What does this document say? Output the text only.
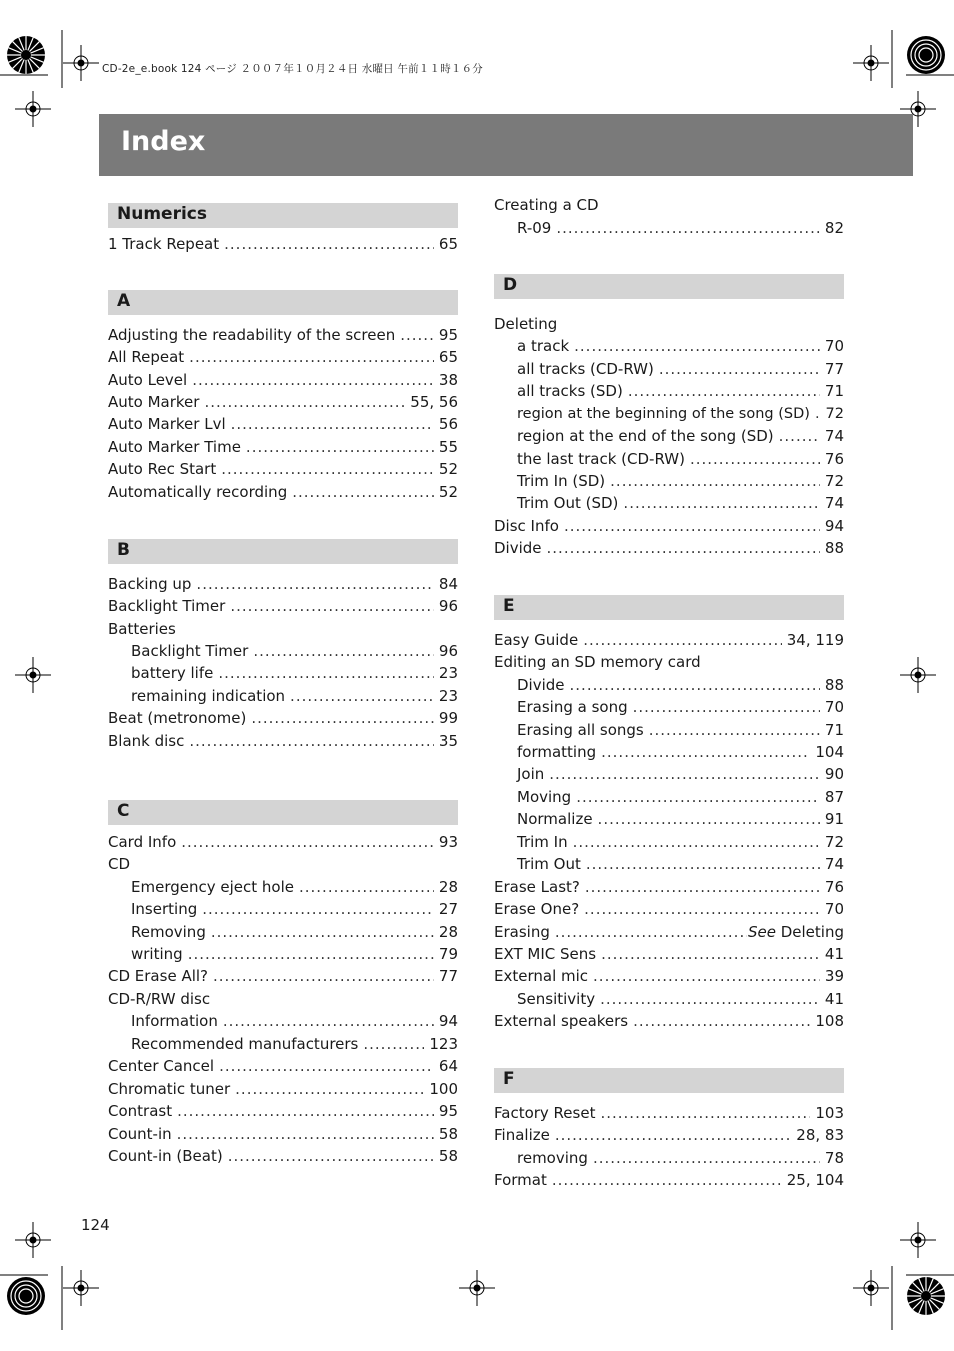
CD-2e_e.book 124 ページ ２００７年１０月２４日 水曜日 午前１１時１６分
Index
Numerics
1 Track Repeat .....	65
A
Adjusting the readability of the screen .....	95
All Repeat .....	65
Auto Level .....	38
Auto Marker .....	55, 56
Auto Marker Lvl .....	56
Auto Marker Time .....	55
Auto Rec Start .....	52
Automatically recording .....	52
B
Backing up .....	84
Backlight Timer .....	96
Batteries
Backlight Timer .....	96
battery life .....	23
remaining indication .....	23
Beat (metronome) .....	99
Blank disc .....	35
C
Card Info .....	93
CD
Emergency eject hole .....	28
Inserting .....	27
Removing .....	28
writing .....	79
CD Erase All? .....	77
CD-R/RW disc
Information .....	94
Recommended manufacturers .....	123
Center Cancel .....	64
Chromatic tuner .....	100
Contrast .....	95
Count-in .....	58
Count-in (Beat) .....	58
Creating a CD
R-09 .....	82
D
Deleting
a track .....	70
all tracks (CD-RW) .....	77
all tracks (SD) .....	71
region at the beginning of the song (SD) ..... 72
region at the end of the song (SD) .....	74
the last track (CD-RW) .....	76
Trim In (SD) .....	72
Trim Out (SD) .....	74
Disc Info .....	94
Divide .....	88
E
Easy Guide .....	34, 119
Editing an SD memory card
Divide .....	88
Erasing a song .....	70
Erasing all songs .....	71
formatting .....	104
Join .....	90
Moving .....	87
Normalize .....	91
Trim In .....	72
Trim Out .....	74
Erase Last? .....	76
Erase One? .....	70
Erasing .....	See Deleting
EXT MIC Sens .....	41
External mic .....	39
Sensitivity .....	41
External speakers .....	108
F
Factory Reset .....	103
Finalize .....	28, 83
removing .....	78
Format .....	25, 104
124
